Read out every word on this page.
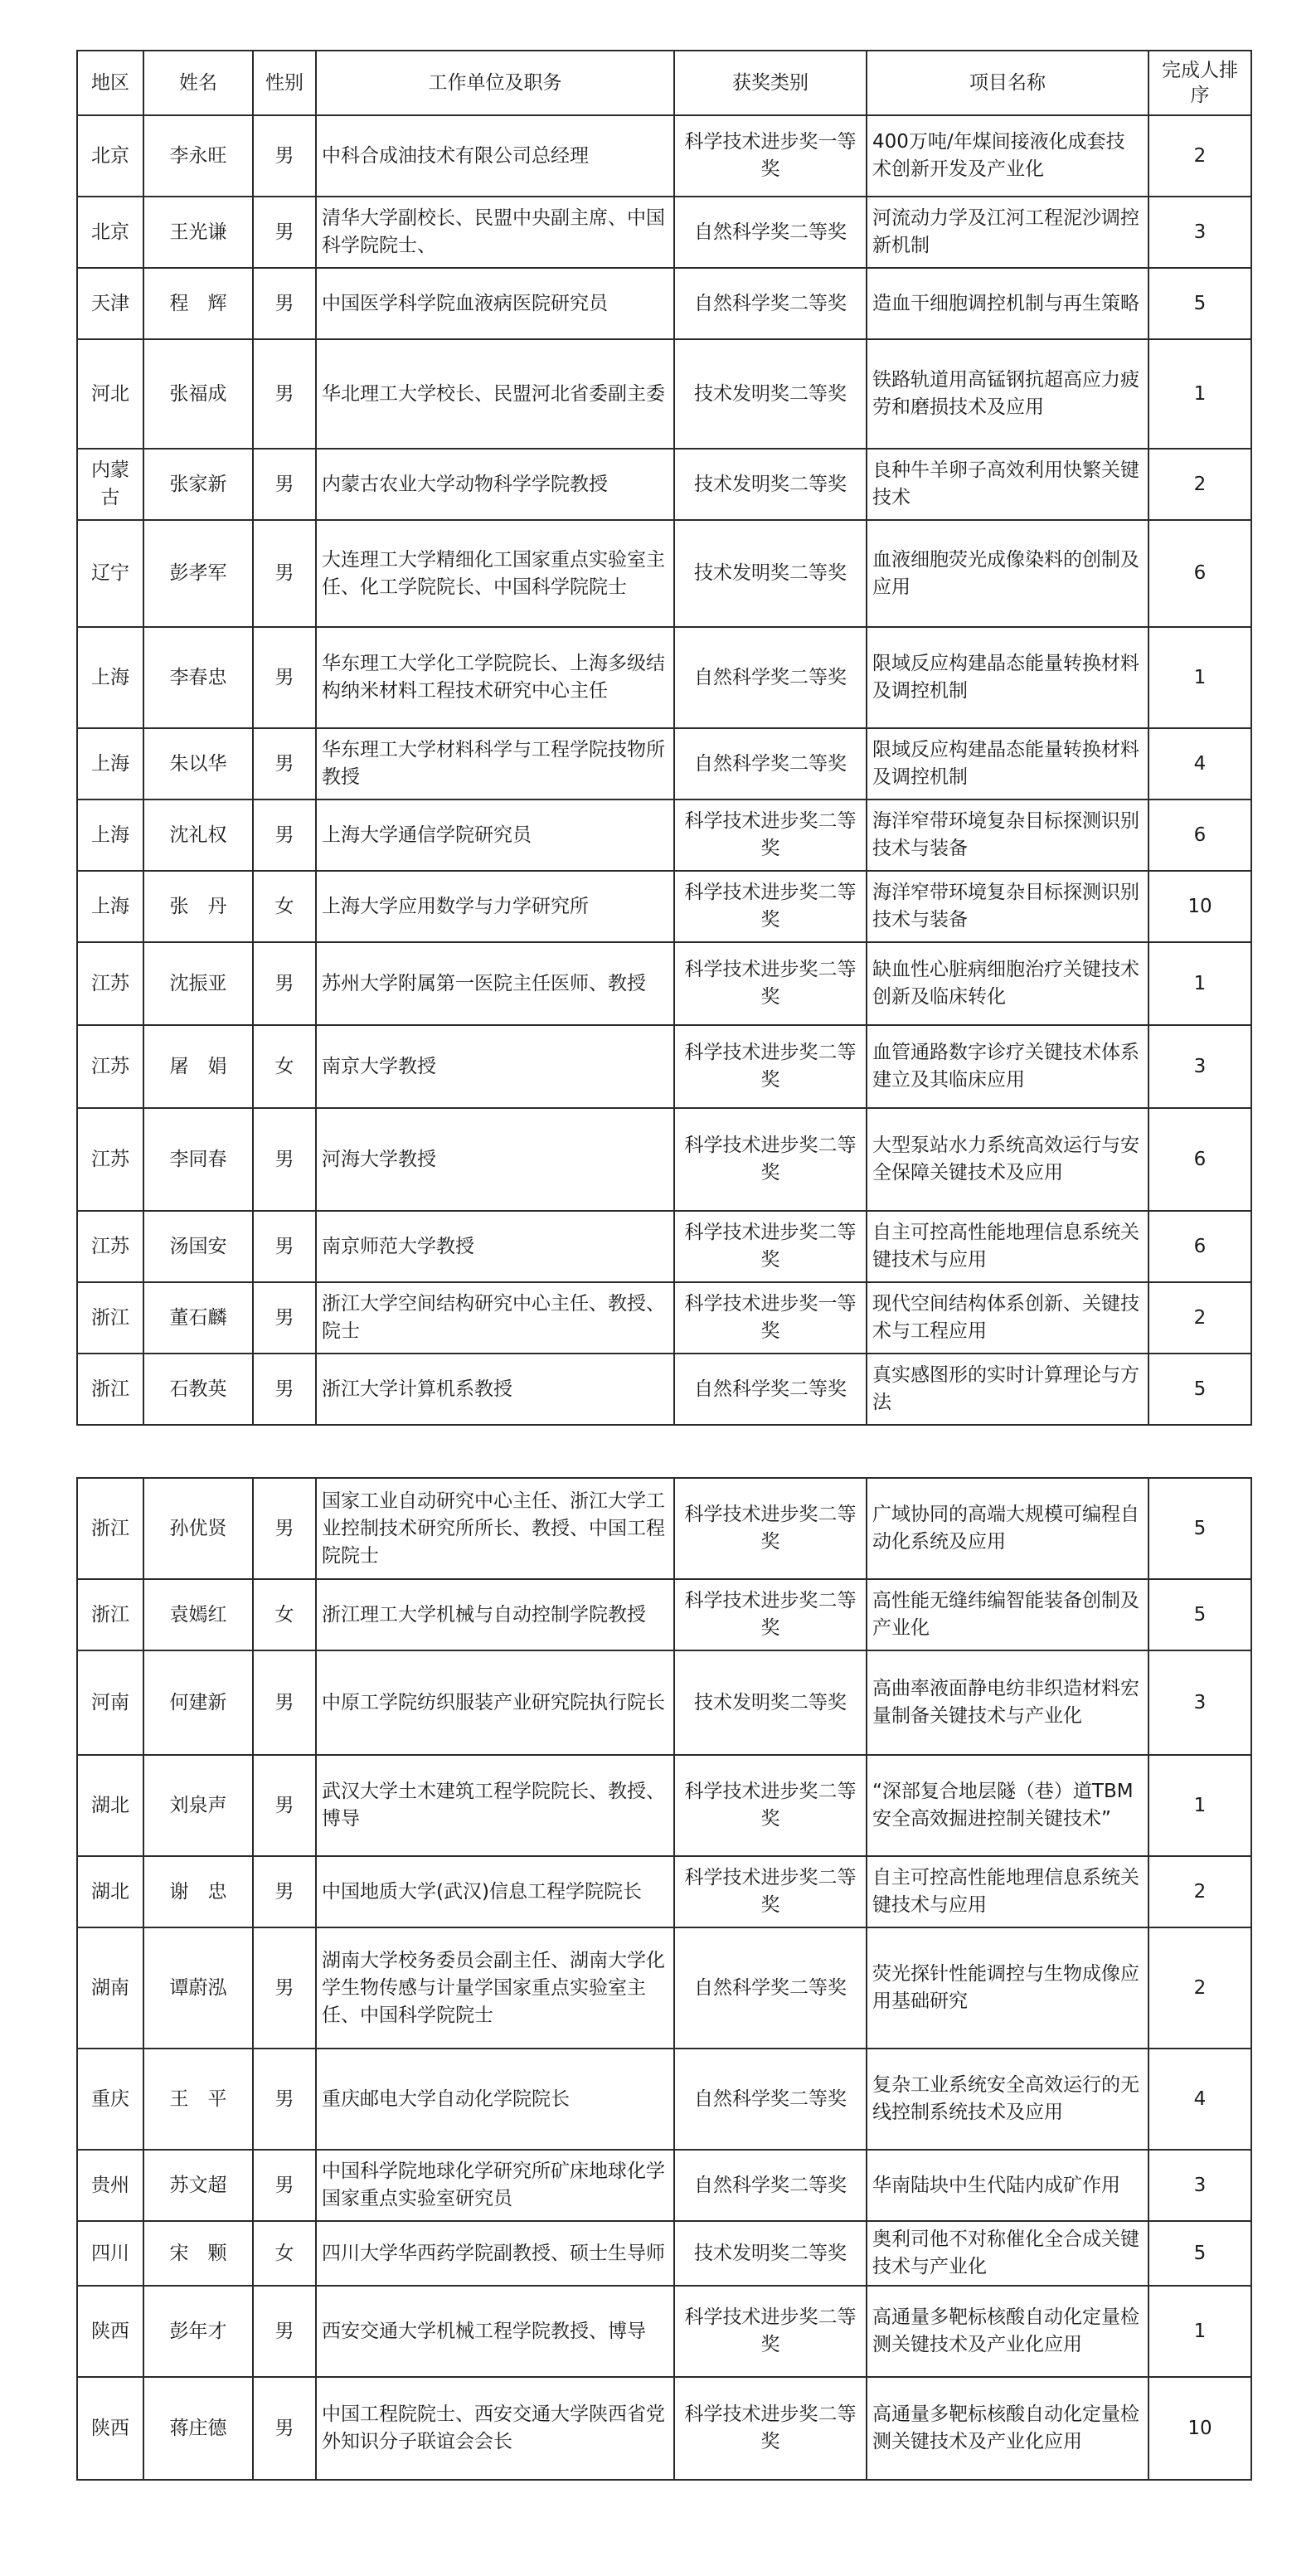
地区	姓名	性别	工作单位及职务	获奖类别	项目名称	完成人排序
北京	李永旺	男	中科合成油技术有限公司总经理	科学技术进步奖一等奖	400万吨/年煤间接液化成套技术创新开发及产业化	2
北京	王光谦	男	清华大学副校长、民盟中央副主席、中国科学院院士、	自然科学奖二等奖	河流动力学及江河工程泥沙调控新机制	3
天津	程　辉	男	中国医学科学院血液病医院研究员	自然科学奖二等奖	造血干细胞调控机制与再生策略	5
河北	张福成	男	华北理工大学校长、民盟河北省委副主委	技术发明奖二等奖	铁路轨道用高锰钢抗超高应力疲劳和磨损技术及应用	1
内蒙古	张家新	男	内蒙古农业大学动物科学学院教授	技术发明奖二等奖	良种牛羊卵子高效利用快繁关键技术	2
辽宁	彭孝军	男	大连理工大学精细化工国家重点实验室主任、化工学院院长、中国科学院院士	技术发明奖二等奖	血液细胞荧光成像染料的创制及应用	6
上海	李春忠	男	华东理工大学化工学院院长、上海多级结构纳米材料工程技术研究中心主任	自然科学奖二等奖	限域反应构建晶态能量转换材料及调控机制	1
上海	朱以华	男	华东理工大学材料科学与工程学院技物所教授	自然科学奖二等奖	限域反应构建晶态能量转换材料及调控机制	4
上海	沈礼权	男	上海大学通信学院研究员	科学技术进步奖二等奖	海洋窄带环境复杂目标探测识别技术与装备	6
上海	张　丹	女	上海大学应用数学与力学研究所	科学技术进步奖二等奖	海洋窄带环境复杂目标探测识别技术与装备	10
江苏	沈振亚	男	苏州大学附属第一医院主任医师、教授	科学技术进步奖二等奖	缺血性心脏病细胞治疗关键技术创新及临床转化	1
江苏	屠　娟	女	南京大学教授	科学技术进步奖二等奖	血管通路数字诊疗关键技术体系建立及其临床应用	3
江苏	李同春	男	河海大学教授	科学技术进步奖二等奖	大型泵站水力系统高效运行与安全保障关键技术及应用	6
江苏	汤国安	男	南京师范大学教授	科学技术进步奖二等奖	自主可控高性能地理信息系统关键技术与应用	6
浙江	董石麟	男	浙江大学空间结构研究中心主任、教授、院士	科学技术进步奖一等奖	现代空间结构体系创新、关键技术与工程应用	2
浙江	石教英	男	浙江大学计算机系教授	自然科学奖二等奖	真实感图形的实时计算理论与方法	5
浙江	孙优贤	男	国家工业自动研究中心主任、浙江大学工业控制技术研究所所长、教授、中国工程院院士	科学技术进步奖二等奖	广域协同的高端大规模可编程自动化系统及应用	5
浙江	袁嫣红	女	浙江理工大学机械与自动控制学院教授	科学技术进步奖二等奖	高性能无缝纬编智能装备创制及产业化	5
河南	何建新	男	中原工学院纺织服装产业研究院执行院长	技术发明奖二等奖	高曲率液面静电纺非织造材料宏量制备关键技术与产业化	3
湖北	刘泉声	男	武汉大学土木建筑工程学院院长、教授、博导	科学技术进步奖二等奖	“深部复合地层隧（巷）道TBM安全高效掘进控制关键技术”	1
湖北	谢　忠	男	中国地质大学(武汉)信息工程学院院长	科学技术进步奖二等奖	自主可控高性能地理信息系统关键技术与应用	2
湖南	谭蔚泓	男	湖南大学校务委员会副主任、湖南大学化学生物传感与计量学国家重点实验室主任、中国科学院院士	自然科学奖二等奖	荧光探针性能调控与生物成像应用基础研究	2
重庆	王　平	男	重庆邮电大学自动化学院院长	自然科学奖二等奖	复杂工业系统安全高效运行的无线控制系统技术及应用	4
贵州	苏文超	男	中国科学院地球化学研究所矿床地球化学国家重点实验室研究员	自然科学奖二等奖	华南陆块中生代陆内成矿作用	3
四川	宋　颗	女	四川大学华西药学院副教授、硕士生导师	技术发明奖二等奖	奥利司他不对称催化全合成关键技术与产业化	5
陕西	彭年才	男	西安交通大学机械工程学院教授、博导	科学技术进步奖二等奖	高通量多靶标核酸自动化定量检测关键技术及产业化应用	1
陕西	蒋庄德	男	中国工程院院士、西安交通大学陕西省党外知识分子联谊会会长	科学技术进步奖二等奖	高通量多靶标核酸自动化定量检测关键技术及产业化应用	10
